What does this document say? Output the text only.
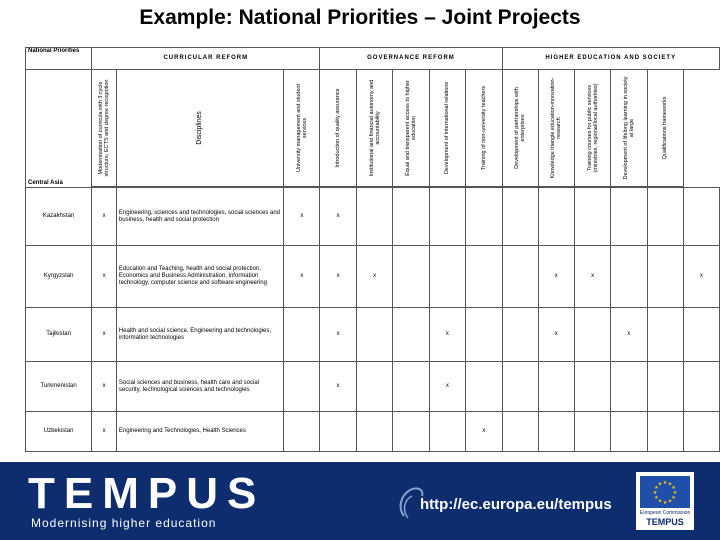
Example: National Priorities – Joint Projects
National Priorities	CURRICULAR REFORM			GOVERNANCE REFORM					HIGHER EDUCATION AND SOCIETY					
Central Asia	Modernisation of curricula with 3 cycle structure, ECTS and degree recognition	Disciplines	University management and student services	Introduction of quality assurance	Institutional and financial autonomy and accountability	Equal and transparent access to higher education	Development of international relations	Training of non-university teachers	Development of partnerships with enterprises	Knowledge triangle education-innovation-research	Training courses for public services (ministries, regional/local authorities)	Development of lifelong learning in society at large	Qualifications frameworks	

Kazakhstan	x	Engineering, sciences and technologies, social sciences and business, health and social protection	x	x										
Kyrgyzstan	x	Education and Teaching, health and social protection, Economics and Business Administration, information technology, computer science and software engineering	x	x	x					x	x			x
Tajikistan	x	Health and social science, Engineering and technologies, information technologies		x			x			x		x		
Turkmenistan	x	Social sciences and business, health care and social security, technological sciences and technologies		x			x							
Uzbekistan	x	Engineering and Technologies, Health Sciences						x						
TEMPUS
Modernising higher education
http://ec.europa.eu/tempus
★
★
★
★
★
★
★
★
★ ★ ★
★
European Commission
TEMPUS
